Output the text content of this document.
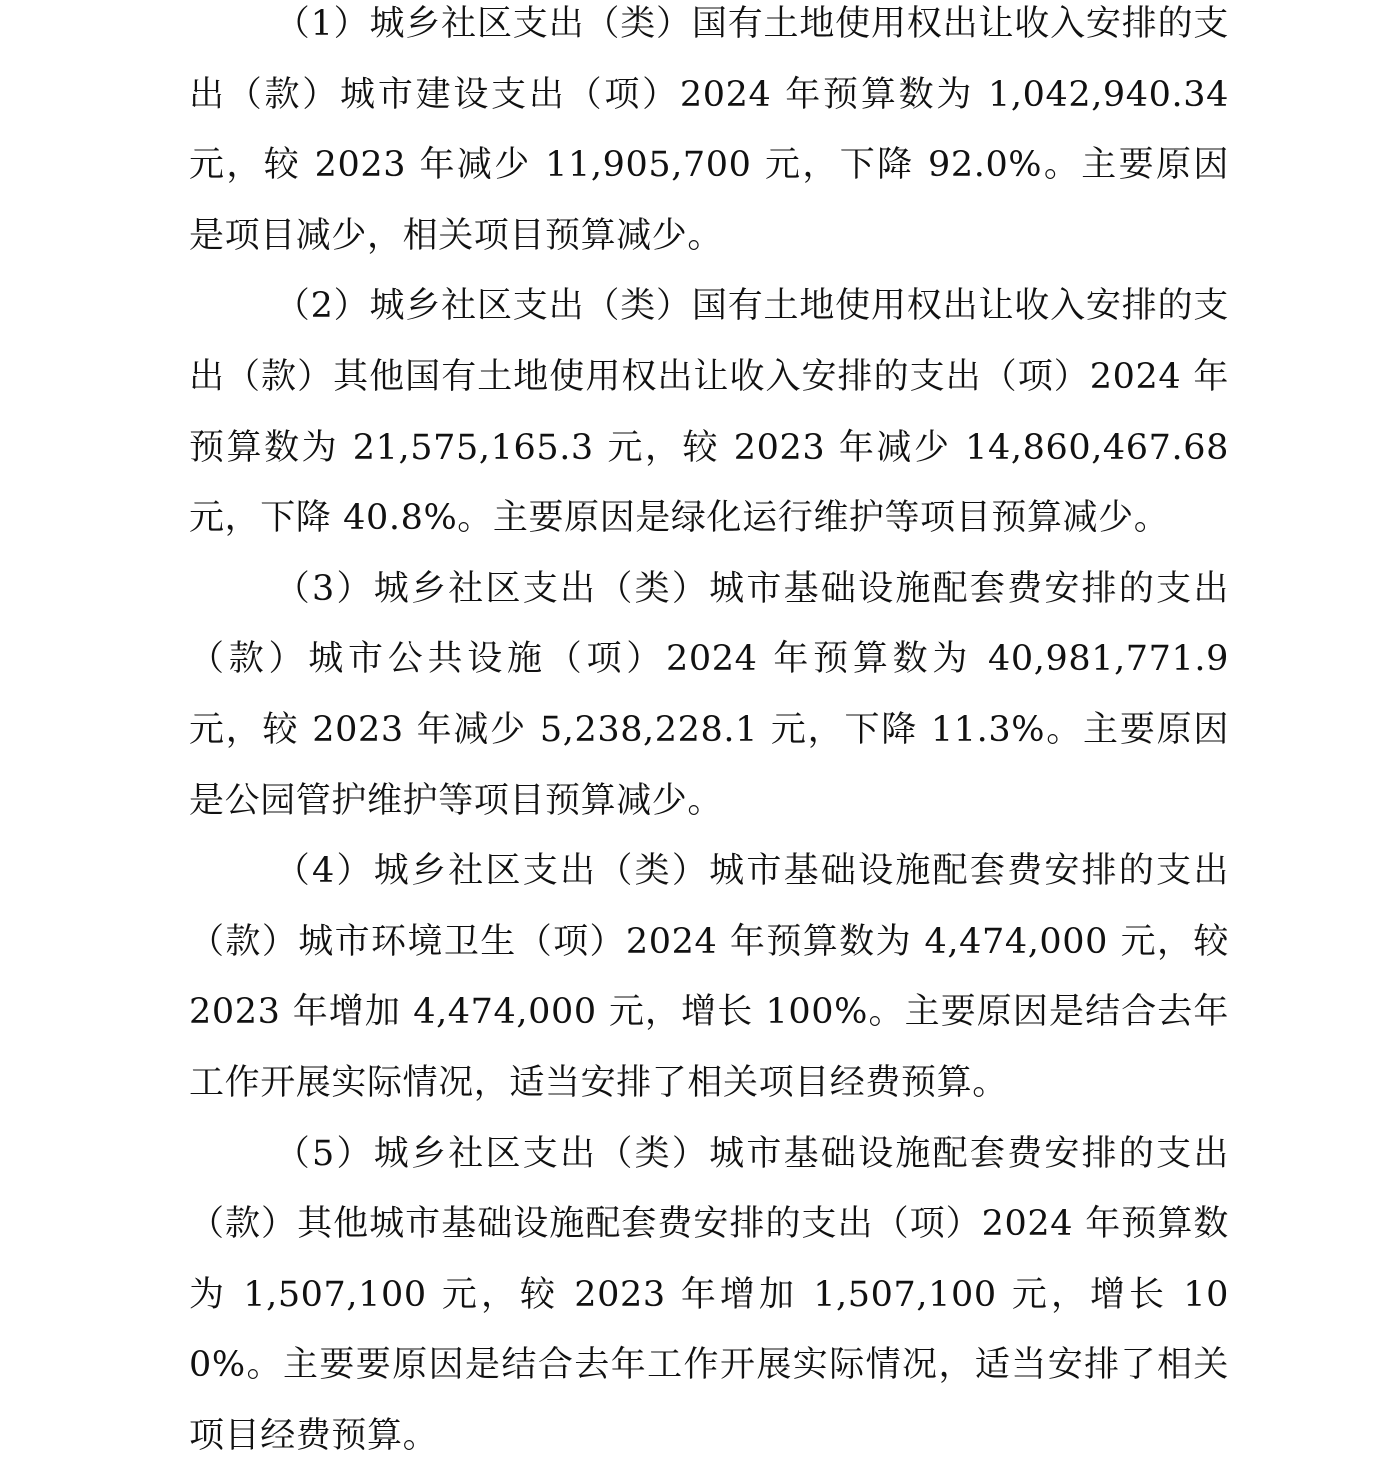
（1）城乡社区支出（类）国有土地使用权出让收入安排的支出（款）城市建设支出（项）2024 年预算数为 1,042,940.34 元，较 2023 年减少 11,905,700 元，下降 92.0%。主要原因是项目减少，相关项目预算减少。

（2）城乡社区支出（类）国有土地使用权出让收入安排的支出（款）其他国有土地使用权出让收入安排的支出（项）2024 年预算数为 21,575,165.3 元，较 2023 年减少 14,860,467.68 元，下降 40.8%。主要原因是绿化运行维护等项目预算减少。

（3）城乡社区支出（类）城市基础设施配套费安排的支出（款）城市公共设施（项）2024 年预算数为 40,981,771.9 元，较 2023 年减少 5,238,228.1 元，下降 11.3%。主要原因是公园管护维护等项目预算减少。

（4）城乡社区支出（类）城市基础设施配套费安排的支出（款）城市环境卫生（项）2024 年预算数为 4,474,000 元，较 2023 年增加 4,474,000 元，增长 100%。主要原因是结合去年工作开展实际情况，适当安排了相关项目经费预算。

（5）城乡社区支出（类）城市基础设施配套费安排的支出（款）其他城市基础设施配套费安排的支出（项）2024 年预算数为 1,507,100 元，较 2023 年增加 1,507,100 元，增长 100%。主要要原因是结合去年工作开展实际情况，适当安排了相关项目经费预算。
